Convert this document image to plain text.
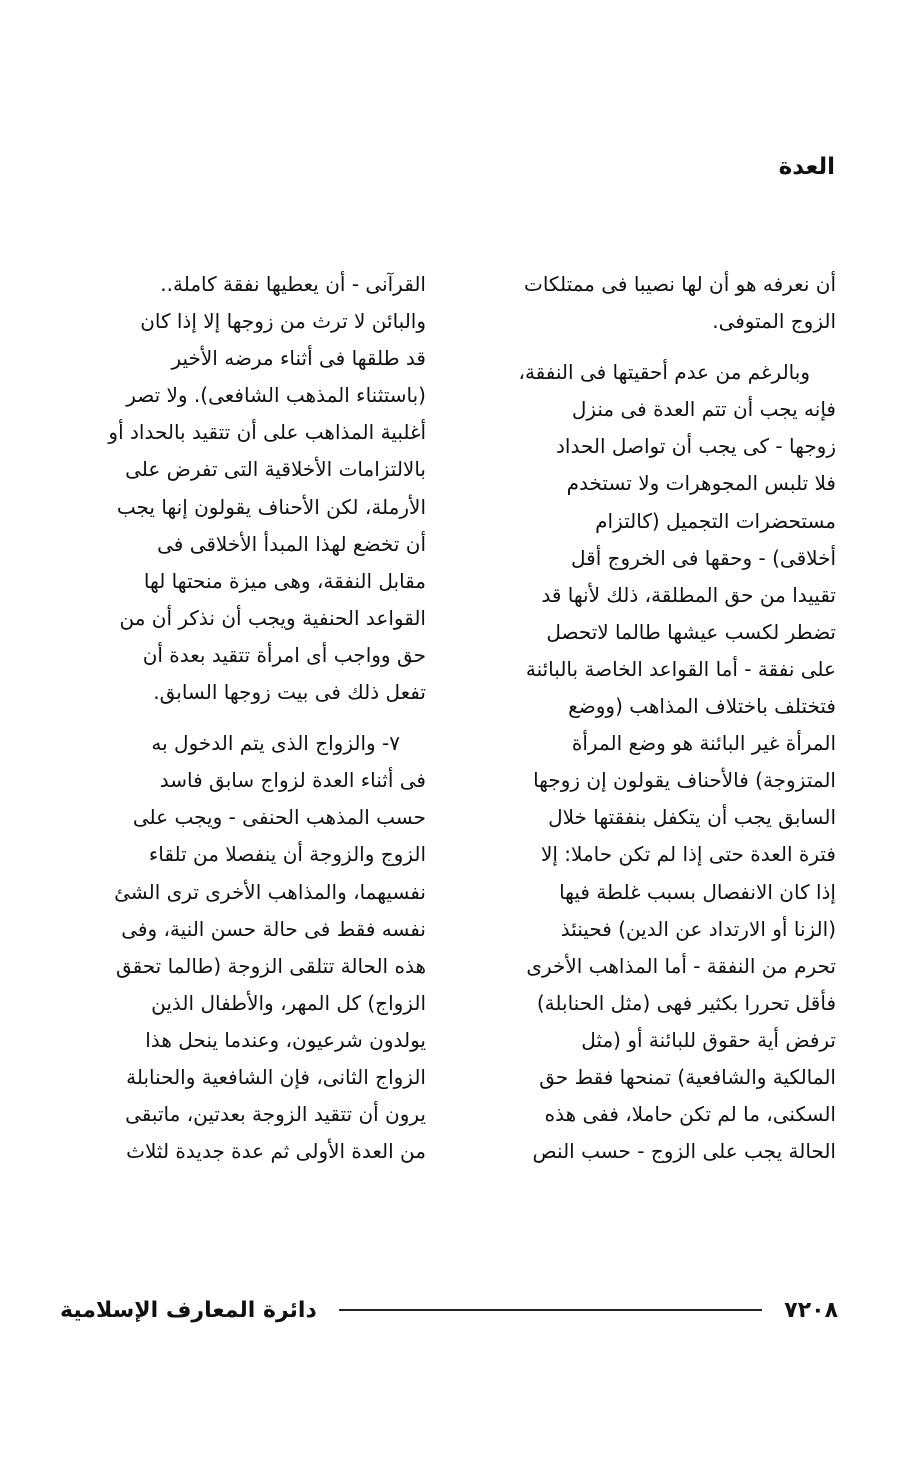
العدة

أن نعرفه هو أن لها نصيبا فى ممتلكات
الزوج المتوفى.

وبالرغم من عدم أحقيتها فى النفقة،
فإنه يجب أن تتم العدة فى منزل
زوجها - كى يجب أن تواصل الحداد
فلا تلبس المجوهرات ولا تستخدم
مستحضرات التجميل (كالتزام
أخلاقى) - وحقها فى الخروج أقل
تقييدا من حق المطلقة، ذلك لأنها قد
تضطر لكسب عيشها طالما لاتحصل
على نفقة - أما القواعد الخاصة بالبائنة
فتختلف باختلاف المذاهب (ووضع
المرأة غير البائنة هو وضع المرأة
المتزوجة) فالأحناف يقولون إن زوجها
السابق يجب أن يتكفل بنفقتها خلال
فترة العدة حتى إذا لم تكن حاملا: إلا
إذا كان الانفصال بسبب غلطة فيها
(الزنا أو الارتداد عن الدين) فحينئذ
تحرم من النفقة - أما المذاهب الأخرى
فأقل تحررا بكثير فهى (مثل الحنابلة)
ترفض أية حقوق للبائنة أو (مثل
المالكية والشافعية) تمنحها فقط حق
السكنى، ما لم تكن حاملا، ففى هذه
الحالة يجب على الزوج - حسب النص

القرآنى - أن يعطيها نفقة كاملة..
والبائن لا ترث من زوجها إلا إذا كان
قد طلقها فى أثناء مرضه الأخير
(باستثناء المذهب الشافعى). ولا تصر
أغلبية المذاهب على أن تتقيد بالحداد أو
بالالتزامات الأخلاقية التى تفرض على
الأرملة، لكن الأحناف يقولون إنها يجب
أن تخضع لهذا المبدأ الأخلاقى فى
مقابل النفقة، وهى ميزة منحتها لها
القواعد الحنفية ويجب أن نذكر أن من
حق وواجب أى امرأة تتقيد بعدة أن
تفعل ذلك فى بيت زوجها السابق.

٧- والزواج الذى يتم الدخول به
فى أثناء العدة لزواج سابق فاسد
حسب المذهب الحنفى - ويجب على
الزوج والزوجة أن ينفصلا من تلقاء
نفسيهما، والمذاهب الأخرى ترى الشئ
نفسه فقط فى حالة حسن النية، وفى
هذه الحالة تتلقى الزوجة (طالما تحقق
الزواج) كل المهر، والأطفال الذين
يولدون شرعيون، وعندما ينحل هذا
الزواج الثانى، فإن الشافعية والحنابلة
يرون أن تتقيد الزوجة بعدتين، ماتبقى
من العدة الأولى ثم عدة جديدة لثلاث

٧٢٠٨
دائرة المعارف الإسلامية
